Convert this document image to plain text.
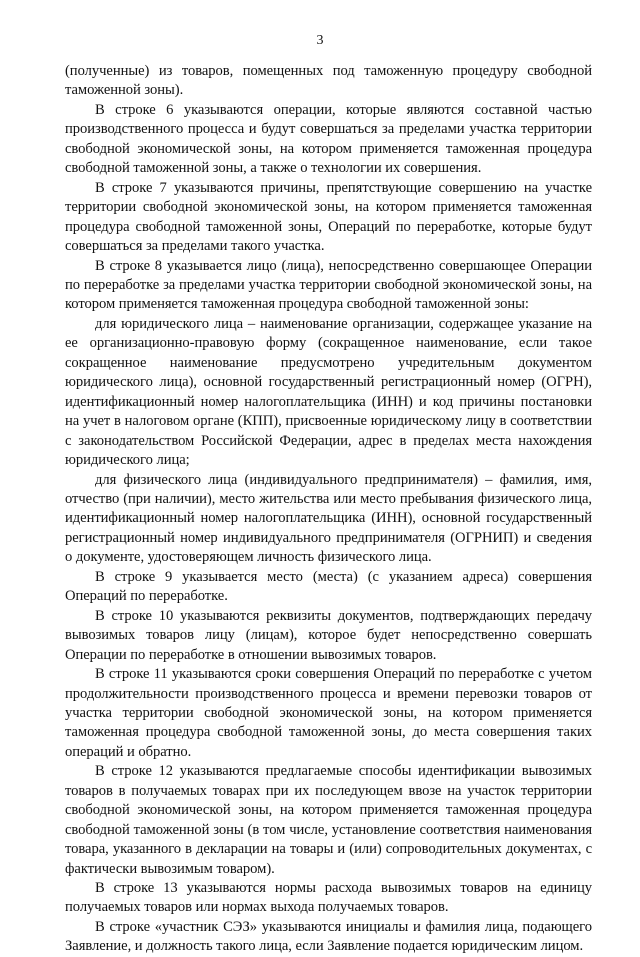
3

(полученные) из товаров, помещенных под таможенную процедуру свободной таможенной зоны).

В строке 6 указываются операции, которые являются составной частью производственного процесса и будут совершаться за пределами участка территории свободной экономической зоны, на котором применяется таможенная процедура свободной таможенной зоны, а также о технологии их совершения.

В строке 7 указываются причины, препятствующие совершению на участке территории свободной экономической зоны, на котором применяется таможенная процедура свободной таможенной зоны, Операций по переработке, которые будут совершаться за пределами такого участка.

В строке 8 указывается лицо (лица), непосредственно совершающее Операции по переработке за пределами участка территории свободной экономической зоны, на котором применяется таможенная процедура свободной таможенной зоны:

для юридического лица – наименование организации, содержащее указание на ее организационно-правовую форму (сокращенное наименование, если такое сокращенное наименование предусмотрено учредительным документом юридического лица), основной государственный регистрационный номер (ОГРН), идентификационный номер налогоплательщика (ИНН) и код причины постановки на учет в налоговом органе (КПП), присвоенные юридическому лицу в соответствии с законодательством Российской Федерации, адрес в пределах места нахождения юридического лица;

для физического лица (индивидуального предпринимателя) – фамилия, имя, отчество (при наличии), место жительства или место пребывания физического лица, идентификационный номер налогоплательщика (ИНН), основной государственный регистрационный номер индивидуального предпринимателя (ОГРНИП) и сведения о документе, удостоверяющем личность физического лица.

В строке 9 указывается место (места) (с указанием адреса) совершения Операций по переработке.

В строке 10 указываются реквизиты документов, подтверждающих передачу вывозимых товаров лицу (лицам), которое будет непосредственно совершать Операции по переработке в отношении вывозимых товаров.

В строке 11 указываются сроки совершения Операций по переработке с учетом продолжительности производственного процесса и времени перевозки товаров от участка территории свободной экономической зоны, на котором применяется таможенная процедура свободной таможенной зоны, до места совершения таких операций и обратно.

В строке 12 указываются предлагаемые способы идентификации вывозимых товаров в получаемых товарах при их последующем ввозе на участок территории свободной экономической зоны, на котором применяется таможенная процедура свободной таможенной зоны (в том числе, установление соответствия наименования товара, указанного в декларации на товары и (или) сопроводительных документах, с фактически вывозимым товаром).

В строке 13 указываются нормы расхода вывозимых товаров на единицу получаемых товаров или нормах выхода получаемых товаров.

В строке «участник СЭЗ» указываются инициалы и фамилия лица, подающего Заявление, и должность такого лица, если Заявление подается юридическим лицом.
